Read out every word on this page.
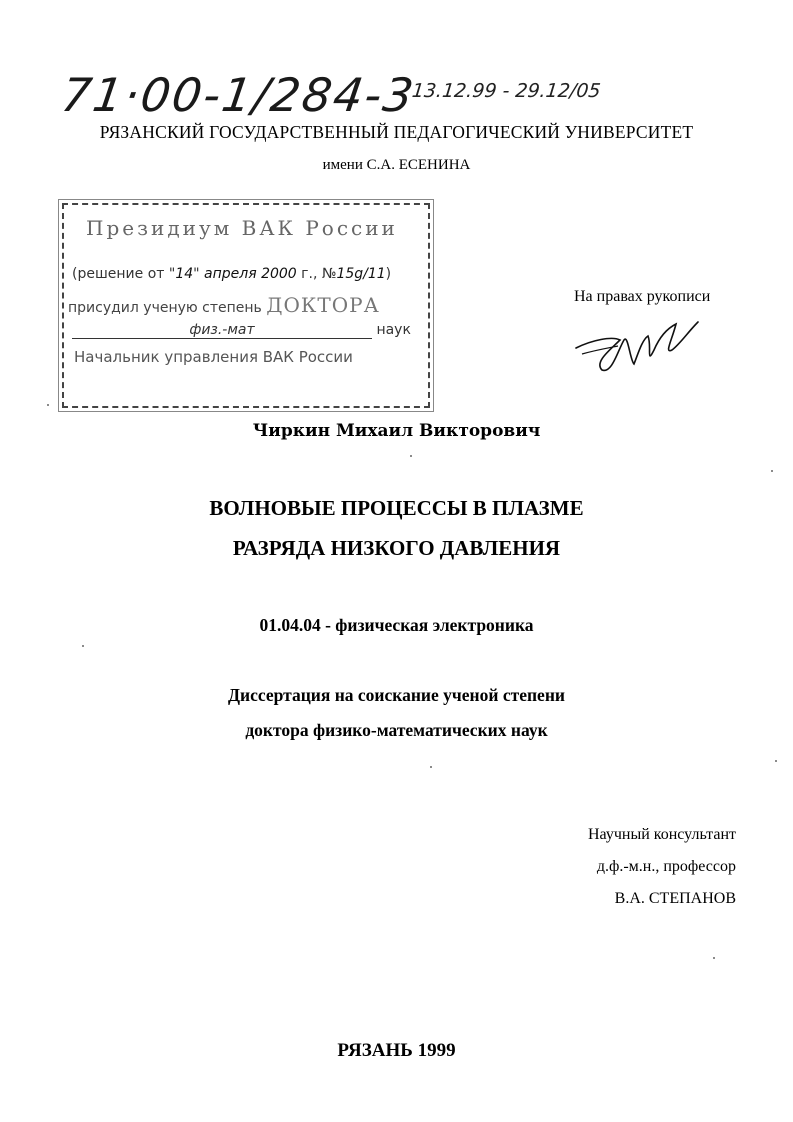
71·00-1/284-3
13.12.99 - 29.12/05
РЯЗАНСКИЙ ГОСУДАРСТВЕННЫЙ ПЕДАГОГИЧЕСКИЙ УНИВЕРСИТЕТ
имени С.А. ЕСЕНИНА
Президиум ВАК России
(решение от "14" апреля 2000 г., №15g/11)
присудил ученую степень ДОКТОРА
физ.-мат	наук
Начальник управления ВАК России
На правах рукописи
Чиркин Михаил Викторович
ВОЛНОВЫЕ ПРОЦЕССЫ В ПЛАЗМЕ
РАЗРЯДА НИЗКОГО ДАВЛЕНИЯ
01.04.04 - физическая электроника
Диссертация на соискание ученой степени
доктора физико-математических наук
Научный консультант
д.ф.-м.н., профессор
В.А. СТЕПАНОВ
РЯЗАНЬ 1999
